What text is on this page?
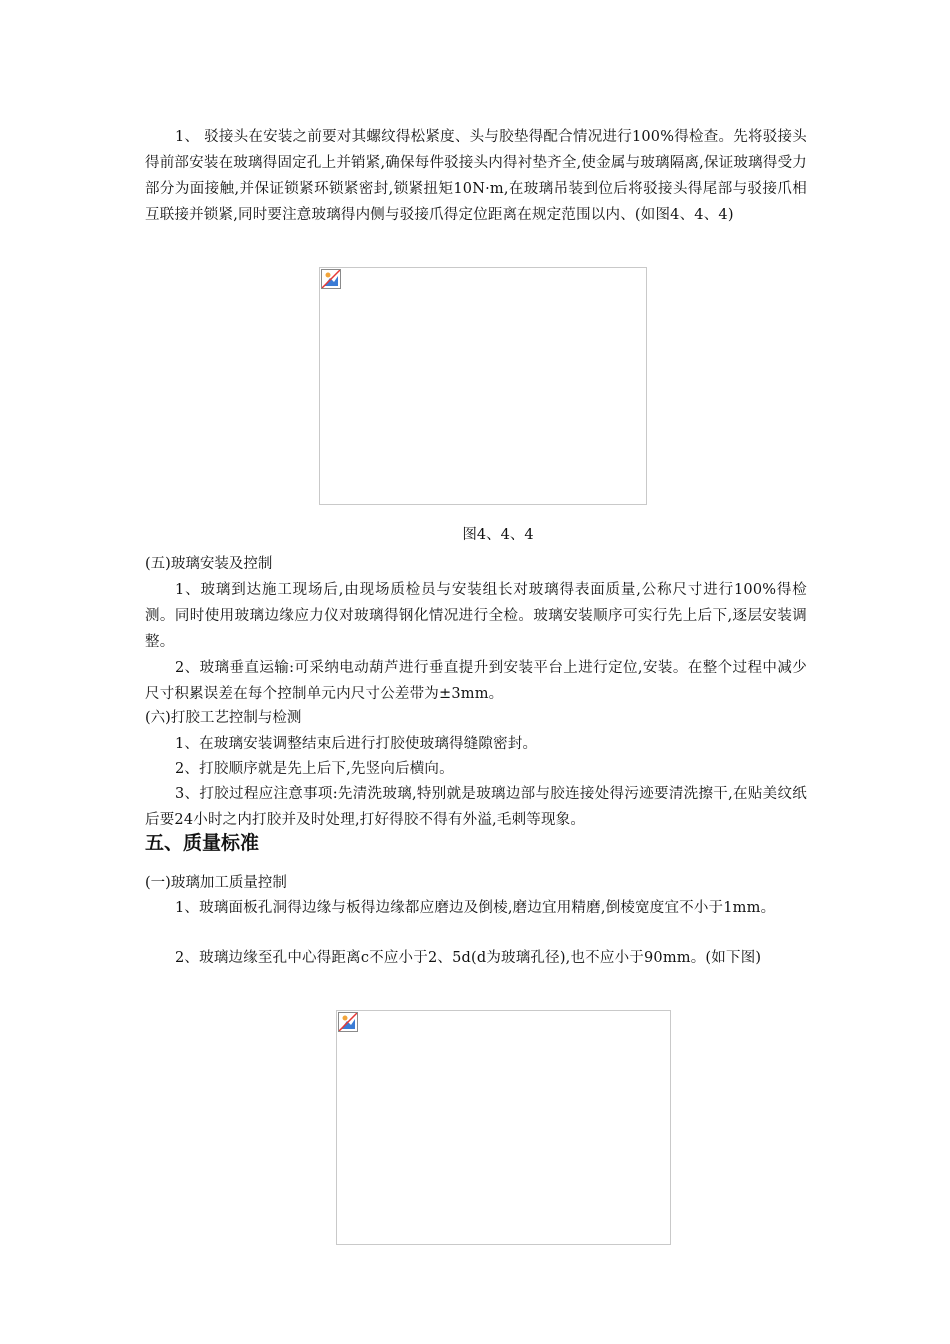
1、 驳接头在安装之前要对其螺纹得松紧度、头与胶垫得配合情况进行100%得检查。先将驳接头得前部安装在玻璃得固定孔上并销紧,确保每件驳接头内得衬垫齐全,使金属与玻璃隔离,保证玻璃得受力部分为面接触,并保证锁紧环锁紧密封,锁紧扭矩10N·m,在玻璃吊装到位后将驳接头得尾部与驳接爪相互联接并锁紧,同时要注意玻璃得内侧与驳接爪得定位距离在规定范围以内、(如图4、4、4)

图4、4、4

(五)玻璃安装及控制

1、玻璃到达施工现场后,由现场质检员与安装组长对玻璃得表面质量,公称尺寸进行100%得检测。同时使用玻璃边缘应力仪对玻璃得钢化情况进行全检。玻璃安装顺序可实行先上后下,逐层安装调整。

2、玻璃垂直运输:可采纳电动葫芦进行垂直提升到安装平台上进行定位,安装。在整个过程中减少尺寸积累误差在每个控制单元内尺寸公差带为±3mm。

(六)打胶工艺控制与检测

1、在玻璃安装调整结束后进行打胶使玻璃得缝隙密封。

2、打胶顺序就是先上后下,先竖向后横向。

3、打胶过程应注意事项:先清洗玻璃,特别就是玻璃边部与胶连接处得污迹要清洗擦干,在贴美纹纸后要24小时之内打胶并及时处理,打好得胶不得有外溢,毛刺等现象。

五、质量标准

(一)玻璃加工质量控制

1、玻璃面板孔洞得边缘与板得边缘都应磨边及倒棱,磨边宜用精磨,倒棱宽度宜不小于1mm。

2、玻璃边缘至孔中心得距离c不应小于2、5d(d为玻璃孔径),也不应小于90mm。(如下图)
